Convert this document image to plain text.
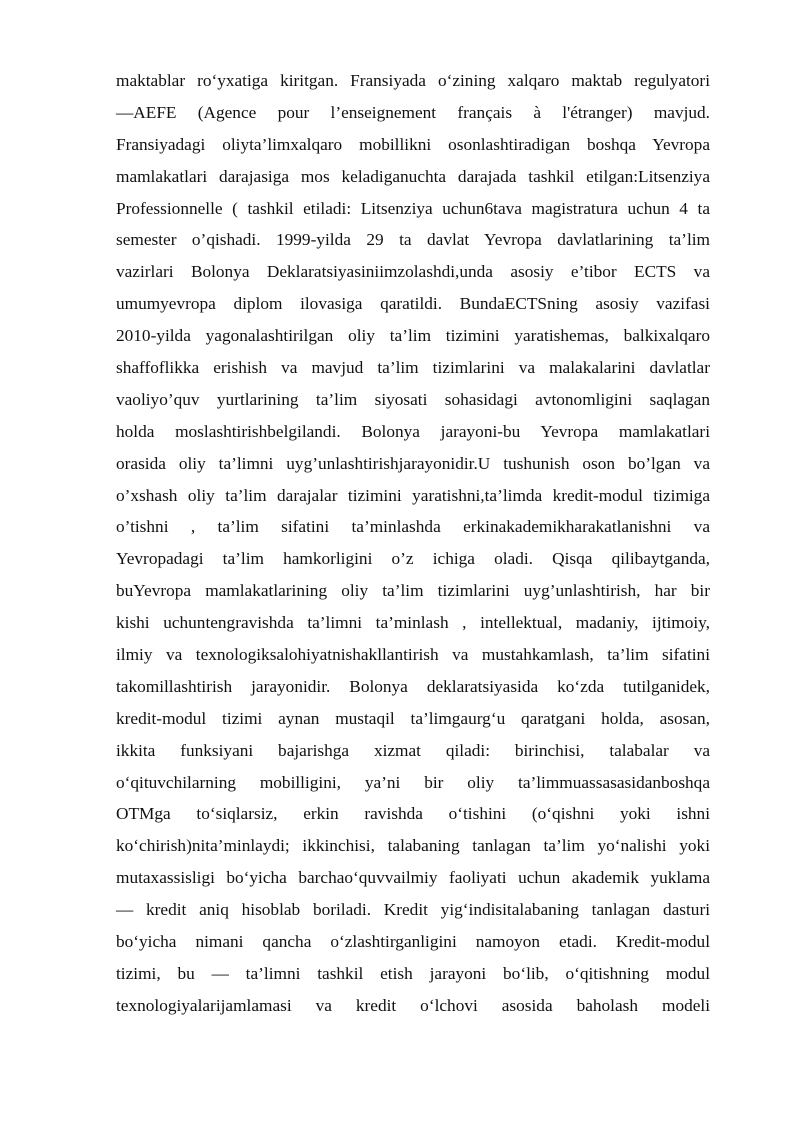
maktablar ro‘yxatiga kiritgan. Fransiyada o‘zining xalqaro maktab regulyatori
—AEFE (Agence pour l’enseignement français à l'étranger) mavjud.
Fransiyadagi oliyta’limxalqaro mobillikni osonlashtiradigan boshqa Yevropa
mamlakatlari darajasiga mos keladiganuchta darajada tashkil etilgan:Litsenziya
Professionnelle ( tashkil etiladi: Litsenziya uchun6tava magistratura uchun 4 ta
semester o’qishadi. 1999-yilda 29 ta davlat Yevropa davlatlarining ta’lim
vazirlari Bolonya Deklaratsiyasiniimzolashdi,unda asosiy e’tibor ECTS va
umumyevropa diplom ilovasiga qaratildi. BundaECTSning asosiy vazifasi
2010-yilda yagonalashtirilgan oliy ta’lim tizimini yaratishemas, balkixalqaro
shaffoflikka erishish va mavjud ta’lim tizimlarini va malakalarini davlatlar
vaoliyo’quv yurtlarining ta’lim siyosati sohasidagi avtonomligini saqlagan
holda moslashtirishbelgilandi. Bolonya jarayoni-bu Yevropa mamlakatlari
orasida oliy ta’limni uyg’unlashtirishjarayonidir.U tushunish oson bo’lgan va
o’xshash oliy ta’lim darajalar tizimini yaratishni,ta’limda kredit-modul tizimiga
o’tishni , ta’lim sifatini ta’minlashda erkinakademikharakatlanishni va
Yevropadagi ta’lim hamkorligini o’z ichiga oladi. Qisqa qilibaytganda,
buYevropa mamlakatlarining oliy ta’lim tizimlarini uyg’unlashtirish, har bir
kishi uchuntengravishda ta’limni ta’minlash , intellektual, madaniy, ijtimoiy,
ilmiy va texnologiksalohiyatnishakllantirish va mustahkamlash, ta’lim sifatini
takomillashtirish jarayonidir. Bolonya deklaratsiyasida ko‘zda tutilganidek,
kredit-modul tizimi aynan mustaqil ta’limgaurg‘u qaratgani holda, asosan,
ikkita funksiyani bajarishga xizmat qiladi: birinchisi, talabalar va
o‘qituvchilarning mobilligini, ya’ni bir oliy ta’limmuassasasidanboshqa
OTMga to‘siqlarsiz, erkin ravishda o‘tishini (o‘qishni yoki ishni
ko‘chirish)nita’minlaydi; ikkinchisi, talabaning tanlagan ta’lim yo‘nalishi yoki
mutaxassisligi bo‘yicha barchao‘quvvailmiy faoliyati uchun akademik yuklama
— kredit aniq hisoblab boriladi. Kredit yig‘indisitalabaning tanlagan dasturi
bo‘yicha nimani qancha o‘zlashtirganligini namoyon etadi. Kredit-modul
tizimi, bu — ta’limni tashkil etish jarayoni bo‘lib, o‘qitishning modul
texnologiyalarijamlamasi va kredit o‘lchovi asosida baholash modeli
